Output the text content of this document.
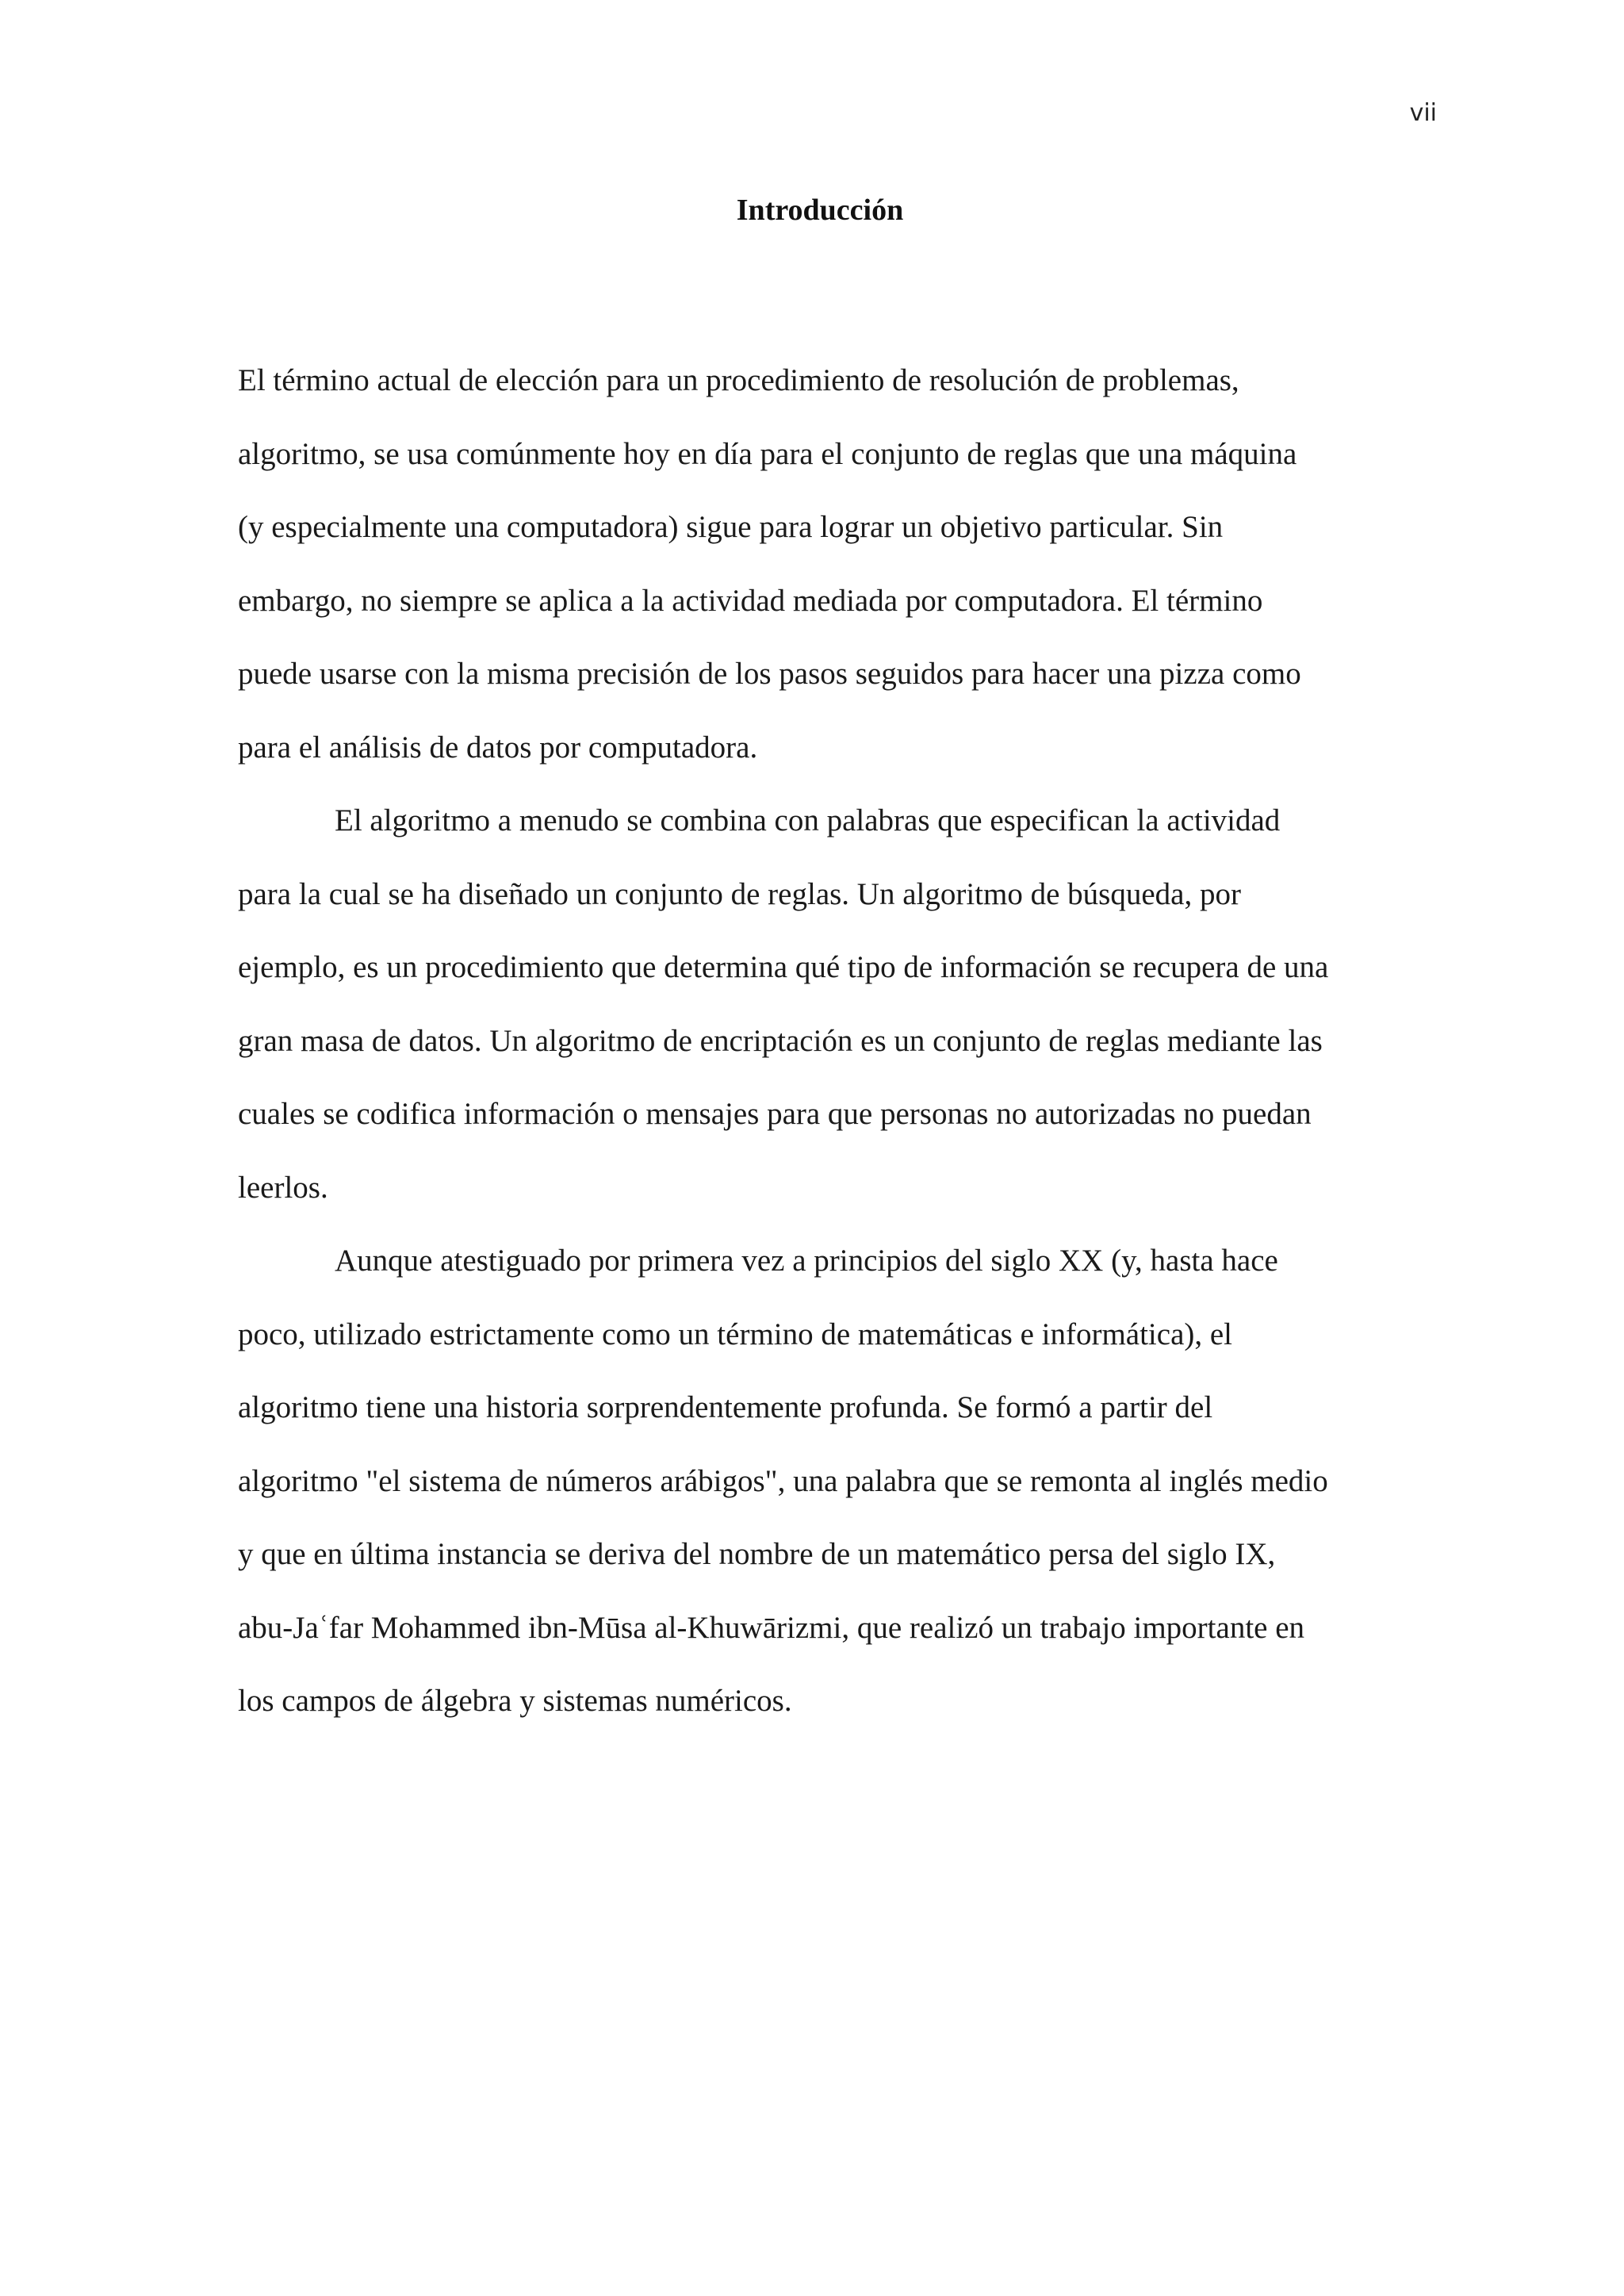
vii
Introducción
El término actual de elección para un procedimiento de resolución de problemas,
algoritmo, se usa comúnmente hoy en día para el conjunto de reglas que una máquina
(y especialmente una computadora) sigue para lograr un objetivo particular. Sin
embargo, no siempre se aplica a la actividad mediada por computadora. El término
puede usarse con la misma precisión de los pasos seguidos para hacer una pizza como
para el análisis de datos por computadora.
El algoritmo a menudo se combina con palabras que especifican la actividad
para la cual se ha diseñado un conjunto de reglas. Un algoritmo de búsqueda, por
ejemplo, es un procedimiento que determina qué tipo de información se recupera de una
gran masa de datos. Un algoritmo de encriptación es un conjunto de reglas mediante las
cuales se codifica información o mensajes para que personas no autorizadas no puedan
leerlos.
Aunque atestiguado por primera vez a principios del siglo XX (y, hasta hace
poco, utilizado estrictamente como un término de matemáticas e informática), el
algoritmo tiene una historia sorprendentemente profunda. Se formó a partir del
algoritmo "el sistema de números arábigos", una palabra que se remonta al inglés medio
y que en última instancia se deriva del nombre de un matemático persa del siglo IX,
abu-Jaʿfar Mohammed ibn-Mūsa al-Khuwārizmi, que realizó un trabajo importante en
los campos de álgebra y sistemas numéricos.
